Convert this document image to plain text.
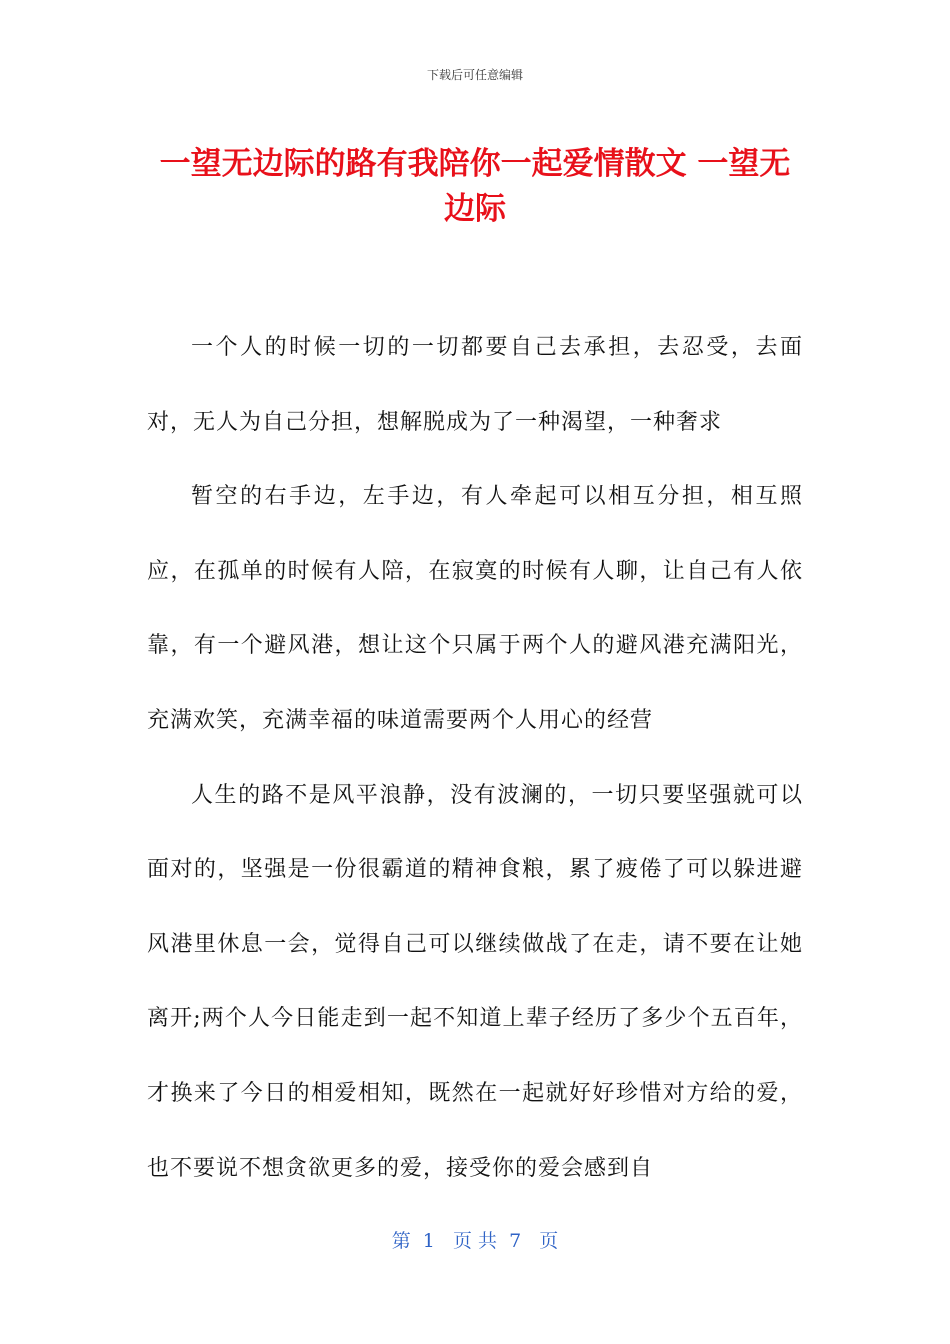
下载后可任意编辑
一望无边际的路有我陪你一起爱情散文 一望无边际

一个人的时候一切的一切都要自己去承担，去忍受，去面对，无人为自己分担，想解脱成为了一种渴望，一种奢求

暂空的右手边，左手边，有人牵起可以相互分担，相互照应，在孤单的时候有人陪，在寂寞的时候有人聊，让自己有人依靠，有一个避风港，想让这个只属于两个人的避风港充满阳光，充满欢笑，充满幸福的味道需要两个人用心的经营

人生的路不是风平浪静，没有波澜的，一切只要坚强就可以面对的，坚强是一份很霸道的精神食粮，累了疲倦了可以躲进避风港里休息一会，觉得自己可以继续做战了在走，请不要在让她离开;两个人今日能走到一起不知道上辈子经历了多少个五百年，才换来了今日的相爱相知，既然在一起就好好珍惜对方给的爱，也不要说不想贪欲更多的爱，接受你的爱会感到自

第  1   页 共  7   页
